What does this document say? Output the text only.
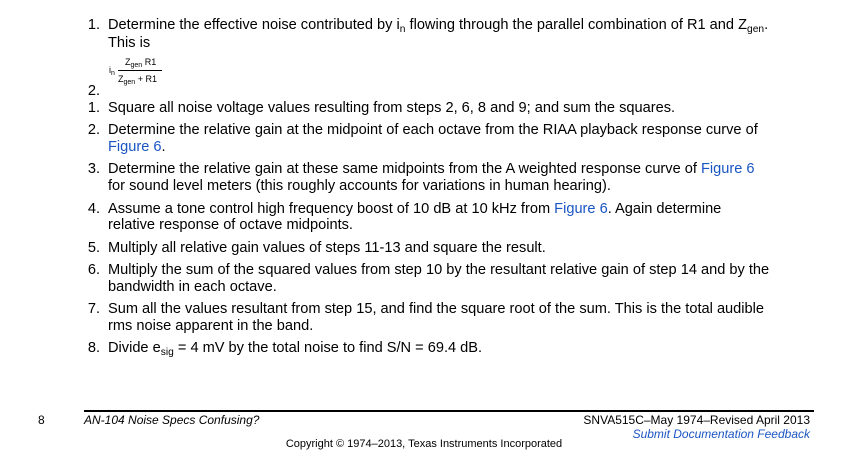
1. Determine the effective noise contributed by $i_n$ flowing through the parallel combination of R1 and $Z_{gen}$.
This is
2.
$i_n$
$Z_{gen}$ R1
$Z_{gen} + R1$
1. Square all noise voltage values resulting from steps 2, 6, 8 and 9; and sum the squares.
2. Determine the relative gain at the midpoint of each octave from the RIAA playback response curve of
Figure 6.
3. Determine the relative gain at these same midpoints from the A weighted response curve of Figure 6
for sound level meters (this roughly accounts for variations in human hearing).
4. Assume a tone control high frequency boost of 10 dB at 10 kHz from Figure 6. Again determine
relative response of octave midpoints.
5. Multiply all relative gain values of steps 11-13 and square the result.
6. Multiply the sum of the squared values from step 10 by the resultant relative gain of step 14 and by the
bandwidth in each octave.
7. Sum all the values resultant from step 15, and find the square root of the sum. This is the total audible
rms noise apparent in the band.
8. Divide $e_{sig} = 4$ mV by the total noise to find S/N = 69.4 dB.
8	AN-104 Noise Specs Confusing?	SNVA515C–May 1974–Revised April 2013
Submit Documentation Feedback
Copyright © 1974–2013, Texas Instruments Incorporated
